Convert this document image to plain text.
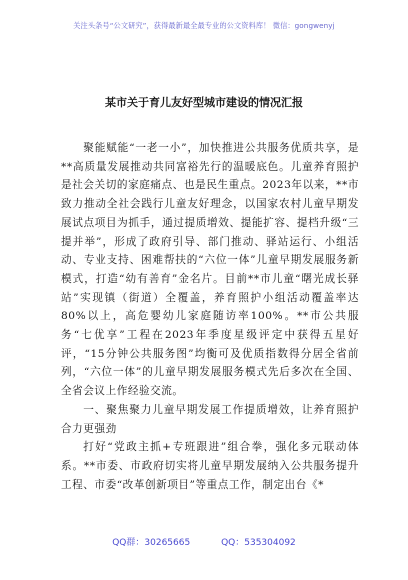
关注头条号“公文研究”，获得最新最全最专业的公文资料库！ 微信：gongwenyj
某市关于育儿友好型城市建设的情况汇报

聚能赋能“一老一小”，加快推进公共服务优质共享，是**高质量发展推动共同富裕先行的温暖底色。儿童养育照护是社会关切的家庭痛点、也是民生重点。2023年以来，**市致力推动全社会践行儿童友好理念，以国家农村儿童早期发展试点项目为抓手，通过提质增效、提能扩容、提档升级“三提并举”，形成了政府引导、部门推动、驿站运行、小组活动、专业支持、困难帮扶的“六位一体”儿童早期发展服务新模式，打造“幼有善育”金名片。目前**市儿童“曙光成长驿站”实现镇（街道）全覆盖，养育照护小组活动覆盖率达80%以上，高危婴幼儿家庭随访率100%。**市公共服务“七优享”工程在2023年季度星级评定中获得五星好评，“15分钟公共服务图”均衡可及优质指数得分居全省前列，“六位一体”的儿童早期发展服务模式先后多次在全国、全省会议上作经验交流。

一、聚焦聚力儿童早期发展工作提质增效，让养育照护合力更强劲

打好“党政主抓+专班跟进”组合拳，强化多元联动体系。**市委、市政府切实将儿童早期发展纳入公共服务提升工程、市委“改革创新项目”等重点工作，制定出台《*

QQ群：30265665	QQ：535304092
